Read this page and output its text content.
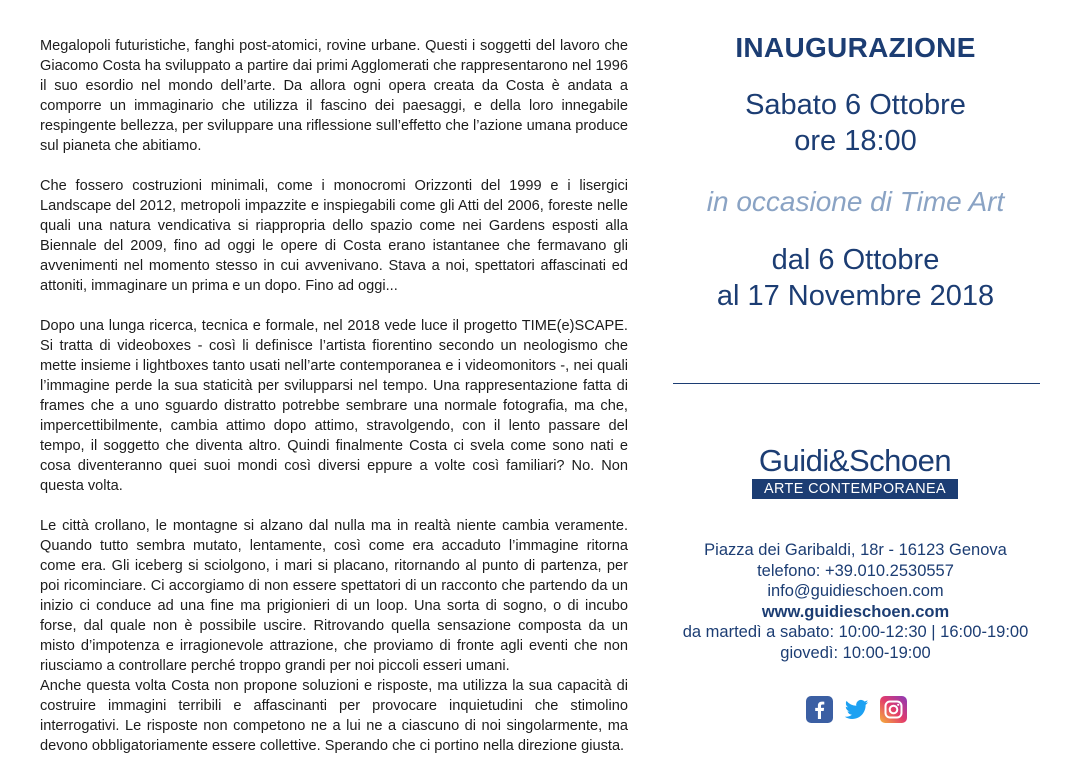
Megalopoli futuristiche, fanghi post-atomici, rovine urbane. Questi i soggetti del lavoro che Giacomo Costa ha sviluppato a partire dai primi Agglomerati che rappresentarono nel 1996 il suo esordio nel mondo dell’arte. Da allora ogni opera creata da Costa è andata a comporre un immaginario che utilizza il fascino dei paesaggi, e della loro innegabile respingente bellezza, per sviluppare una riflessione sull’effetto che l’azione umana produce sul pianeta che abitiamo.

Che fossero costruzioni minimali, come i monocromi Orizzonti del 1999 e i lisergici Landscape del 2012, metropoli impazzite e inspiegabili come gli Atti del 2006, foreste nelle quali una natura vendicativa si riappropria dello spazio come nei Gardens esposti alla Biennale del 2009, fino ad oggi le opere di Costa erano istantanee che fermavano gli avvenimenti nel momento stesso in cui avvenivano. Stava a noi, spettatori affascinati ed attoniti, immaginare un prima e un dopo. Fino ad oggi...

Dopo una lunga ricerca, tecnica e formale, nel 2018 vede luce il progetto TIME(e)SCAPE. Si tratta di videoboxes - così li definisce l’artista fiorentino secondo un neologismo che mette insieme i lightboxes tanto usati nell’arte contemporanea e i videomonitors -, nei quali l’immagine perde la sua staticità per svilupparsi nel tempo. Una rappresentazione fatta di frames che a uno sguardo distratto potrebbe sembrare una normale fotografia, ma che, impercettibilmente, cambia attimo dopo attimo, stravolgendo, con il lento passare del tempo, il soggetto che diventa altro. Quindi finalmente Costa ci svela come sono nati e cosa diventeranno quei suoi mondi così diversi eppure a volte così familiari? No. Non questa volta.

Le città crollano, le montagne si alzano dal nulla ma in realtà niente cambia veramente. Quando tutto sembra mutato, lentamente, così come era accaduto l’immagine ritorna come era. Gli iceberg si sciolgono, i mari si placano, ritornando al punto di partenza, per poi ricominciare. Ci accorgiamo di non essere spettatori di un racconto che partendo da un inizio ci conduce ad una fine ma prigionieri di un loop. Una sorta di sogno, o di incubo forse, dal quale non è possibile uscire. Ritrovando quella sensazione composta da un misto d’impotenza e irragionevole attrazione, che proviamo di fronte agli eventi che non riusciamo a controllare perché troppo grandi per noi piccoli esseri umani.

Anche questa volta Costa non propone soluzioni e risposte, ma utilizza la sua capacità di costruire immagini terribili e affascinanti per provocare inquietudini che stimolino interrogativi. Le risposte non competono ne a lui ne a ciascuno di noi singolarmente, ma devono obbligatoriamente essere collettive. Sperando che ci portino nella direzione giusta.

INAUGURAZIONE
Sabato 6 Ottobre
ore 18:00
in occasione di Time Art
dal 6 Ottobre
al 17 Novembre 2018
Guidi&Schoen
ARTE CONTEMPORANEA
Piazza dei Garibaldi, 18r - 16123 Genova
telefono: +39.010.2530557
info@guidieschoen.com
www.guidieschoen.com
da martedì a sabato: 10:00-12:30 | 16:00-19:00
giovedì: 10:00-19:00
